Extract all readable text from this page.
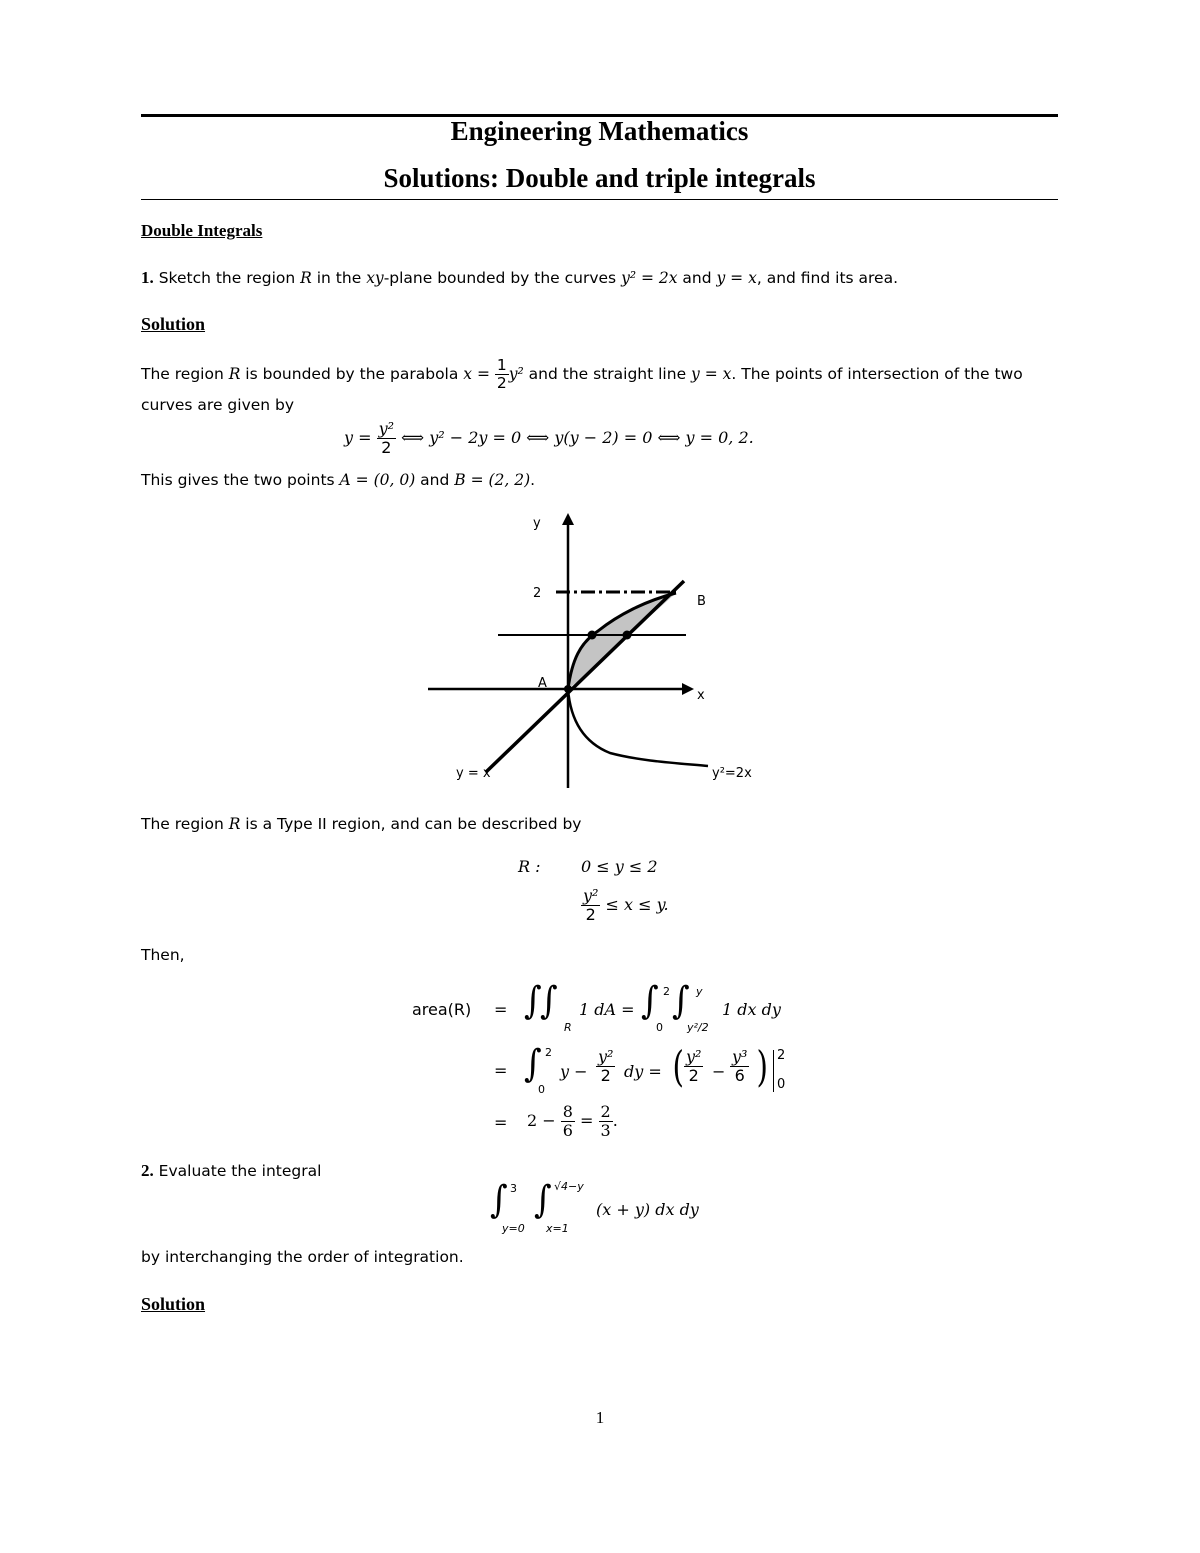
Engineering Mathematics
Solutions: Double and triple integrals
Double Integrals
1. Sketch the region R in the xy-plane bounded by the curves y² = 2x and y = x, and find its area.
Solution
The region R is bounded by the parabola $x = \frac{1}{2} y^2$ and the straight line y = x. The points of intersection of the two
curves are given by
$y = \frac{\text{y²}}{2}$ ⟺ y² − 2y = 0 ⟺ y(y − 2) = 0 ⟺ y = 0, 2.
This gives the two points A = (0, 0) and B = (2, 2).
y
2
B
A
x
y = x	y²=2x
The region R is a Type II region, and can be described by
R :	0 ≤ y ≤ 2
$\frac{\text{y²}}{2} \le x \le y$.
Then,
area(R) =
=
=
∫
∫
R
1 dA = ∫
0
2 ∫
y²/2
y
1 dx dy
∫
0
2
$y - \frac{\text{y²}}{2}$ dy = ( $\frac{\text{y²}}{2} - \frac{\text{y³}}{6}$ ) 2
0
$2 - \frac{8}{6} = \frac{2}{3}$ .
2. Evaluate the integral
∫
y=0
3 ∫
x=1
√4−y
(x + y) dx dy
by interchanging the order of integration.
Solution
1
